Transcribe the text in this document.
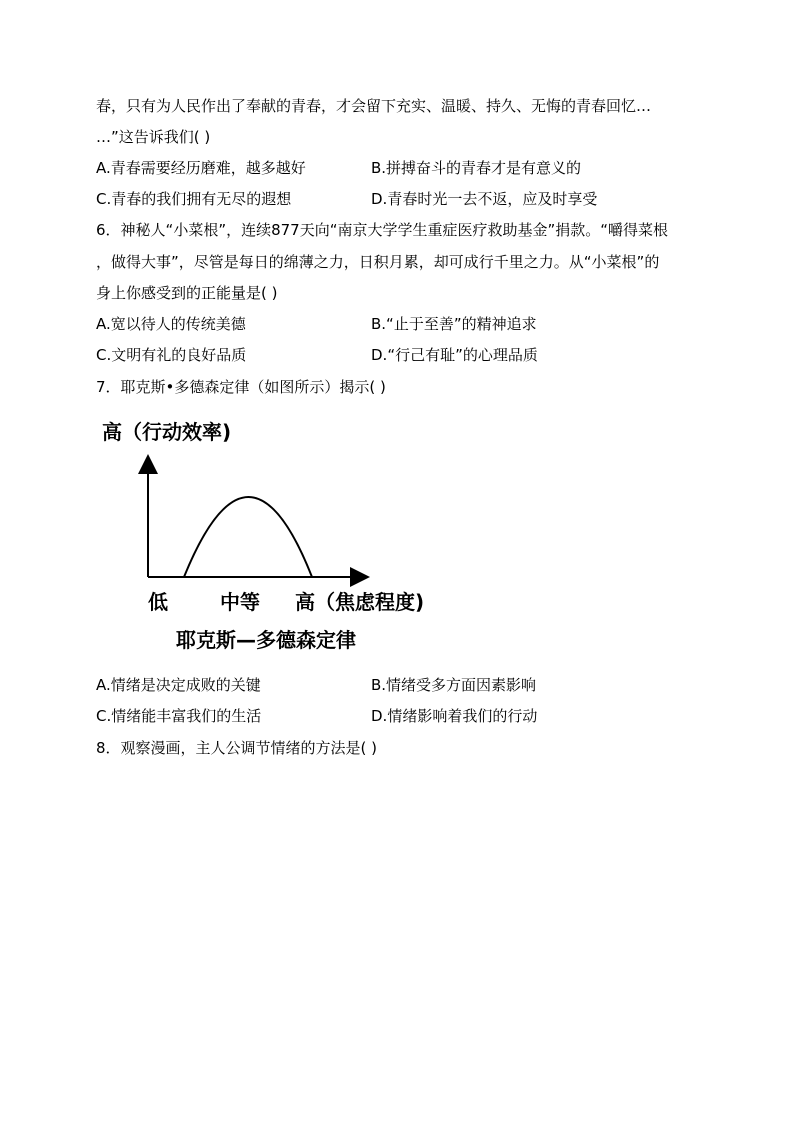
春，只有为人民作出了奉献的青春，才会留下充实、温暖、持久、无悔的青春回忆…
…”这告诉我们( )
A.青春需要经历磨难，越多越好	B.拼搏奋斗的青春才是有意义的
C.青春的我们拥有无尽的遐想	D.青春时光一去不返，应及时享受
6．神秘人“小菜根”，连续877天向“南京大学学生重症医疗救助基金”捐款。“嚼得菜根
，做得大事”，尽管是每日的绵薄之力，日积月累，却可成行千里之力。从“小菜根”的
身上你感受到的正能量是( )
A.宽以待人的传统美德	B.“止于至善”的精神追求
C.文明有礼的良好品质	D.“行己有耻”的心理品质
7．耶克斯•多德森定律（如图所示）揭示( )
高（行动效率)
低	中等 高（焦虑程度)
耶克斯—多德森定律
A.情绪是决定成败的关键	B.情绪受多方面因素影响
C.情绪能丰富我们的生活	D.情绪影响着我们的行动
8．观察漫画，主人公调节情绪的方法是( )
